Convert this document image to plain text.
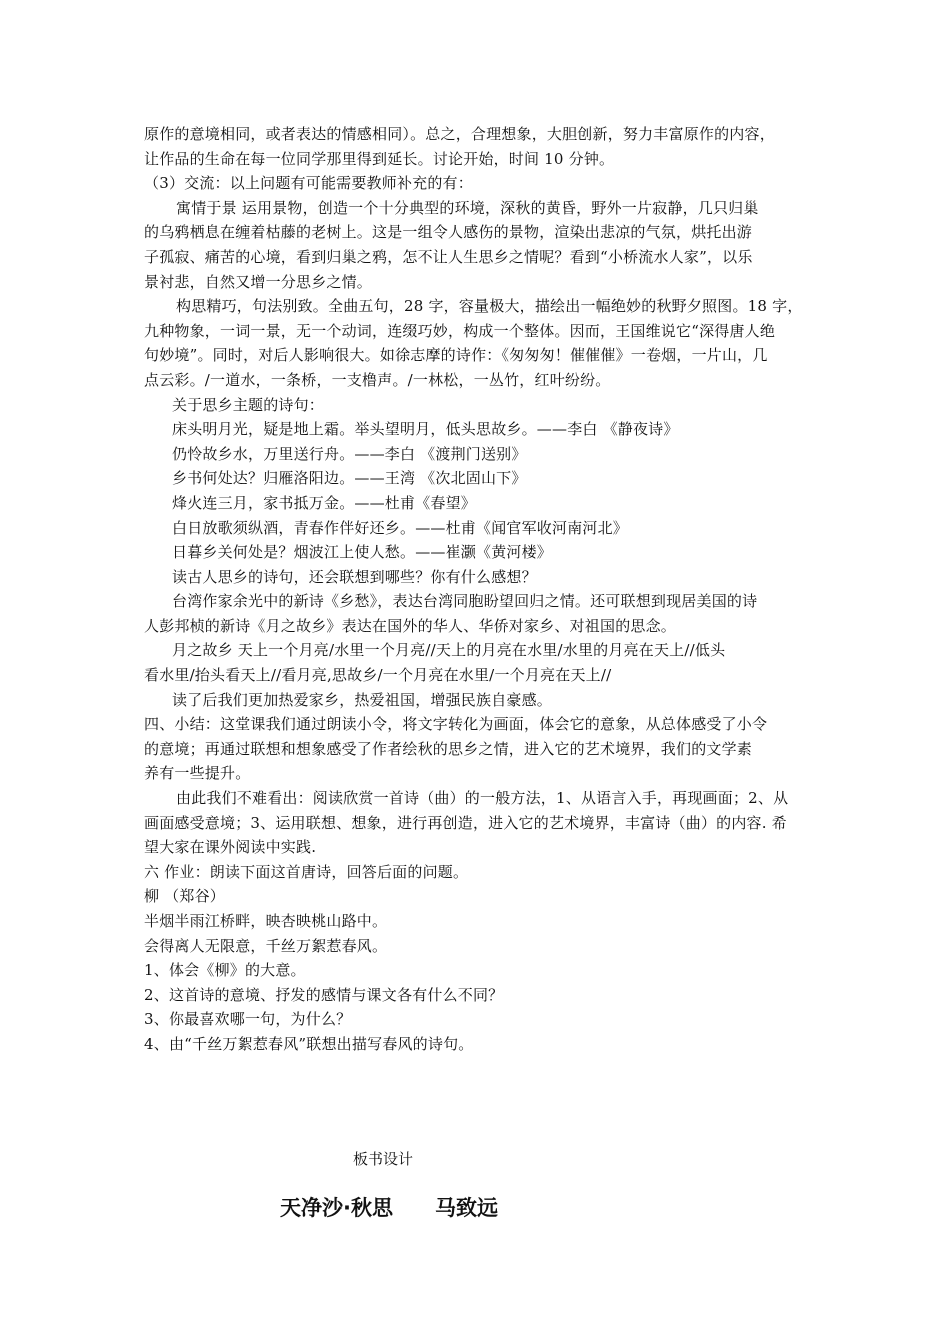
原作的意境相同，或者表达的情感相同）。总之，合理想象，大胆创新，努力丰富原作的内容，
让作品的生命在每一位同学那里得到延长。讨论开始，时间 10 分钟。
（3）交流：以上问题有可能需要教师补充的有：
寓情于景 运用景物，创造一个十分典型的环境，深秋的黄昏，野外一片寂静，几只归巢
的乌鸦栖息在缠着枯藤的老树上。这是一组令人感伤的景物，渲染出悲凉的气氛，烘托出游
子孤寂、痛苦的心境，看到归巢之鸦，怎不让人生思乡之情呢？看到“小桥流水人家”，以乐
景衬悲，自然又增一分思乡之情。
构思精巧，句法别致。全曲五句，28 字，容量极大，描绘出一幅绝妙的秋野夕照图。18 字，
九种物象，一词一景，无一个动词，连缀巧妙，构成一个整体。因而，王国维说它“深得唐人绝
句妙境”。同时，对后人影响很大。如徐志摩的诗作：《匆匆匆！催催催》一卷烟，一片山，几
点云彩。/一道水，一条桥，一支橹声。/一林松，一丛竹，红叶纷纷。
关于思乡主题的诗句：
床头明月光，疑是地上霜。举头望明月，低头思故乡。——李白 《静夜诗》
仍怜故乡水，万里送行舟。——李白 《渡荆门送别》
乡书何处达？归雁洛阳边。——王湾 《次北固山下》
烽火连三月，家书抵万金。——杜甫《春望》
白日放歌须纵酒，青春作伴好还乡。——杜甫《闻官军收河南河北》
日暮乡关何处是？烟波江上使人愁。——崔灏《黄河楼》
读古人思乡的诗句，还会联想到哪些？你有什么感想？
台湾作家余光中的新诗《乡愁》，表达台湾同胞盼望回归之情。还可联想到现居美国的诗
人彭邦桢的新诗《月之故乡》表达在国外的华人、华侨对家乡、对祖国的思念。
月之故乡 天上一个月亮/水里一个月亮//天上的月亮在水里/水里的月亮在天上//低头
看水里/抬头看天上//看月亮,思故乡/一个月亮在水里/一个月亮在天上//
读了后我们更加热爱家乡，热爱祖国，增强民族自豪感。
四、小结：这堂课我们通过朗读小令，将文字转化为画面，体会它的意象，从总体感受了小令
的意境；再通过联想和想象感受了作者绘秋的思乡之情，进入它的艺术境界，我们的文学素
养有一些提升。
由此我们不难看出：阅读欣赏一首诗（曲）的一般方法，1、从语言入手，再现画面；2、从
画面感受意境；3、运用联想、想象，进行再创造，进入它的艺术境界，丰富诗（曲）的内容. 希
望大家在课外阅读中实践.
六 作业：朗读下面这首唐诗，回答后面的问题。
柳 （郑谷）
半烟半雨江桥畔，映杏映桃山路中。
会得离人无限意，千丝万絮惹春风。
1、体会《柳》的大意。
2、这首诗的意境、抒发的感情与课文各有什么不同？
3、你最喜欢哪一句，为什么？
4、由“千丝万絮惹春风”联想出描写春风的诗句。
板书设计
天净沙·秋思 马致远
